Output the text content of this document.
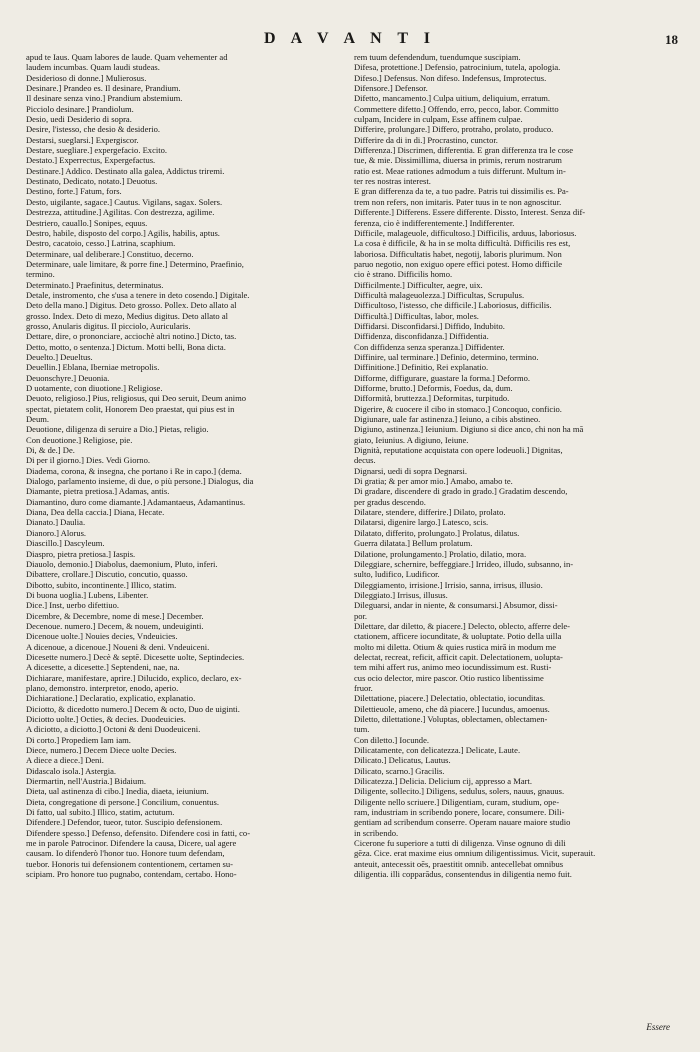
D A V A N T I	18
apud te Iaus. Quam labores de laude. Quam vehementer ad
laudem incumbas. Quam laudi studeas.
Desiderioso di donne.] Mulierosus.
Desinare.] Prandeo es. Il desinare, Prandium.
Il desinare senza vino.] Prandium abstemium.
Picciolo desinare.] Prandiolum.
Desio, uedi Desiderio di sopra.
Desire, l'istesso, che desio & desiderio.
Destarsi, sueglarsi.] Expergiscor.
Destare, suegliare.] expergefacio. Excito.
Destato.] Experrectus, Expergefactus.
Destinare.] Addico. Destinato alla galea, Addictus triremi.
Destinato, Dedicato, notato.] Deuotus.
Destino, forte.] Fatum, fors.
Desto, uigilante, sagace.] Cautus. Vigilans, sagax. Solers.
Destrezza, attitudine.] Agilitas. Con destrezza, agilime.
Destriero, cauallo.] Sonipes, equus.
Destro, habile, disposto del corpo.] Agilis, habilis, aptus.
Destro, cacatoio, cesso.] Latrina, scaphium.
Determinare, ual deliberare.] Constituo, decerno.
Determinare, uale limitare, & porre fine.] Determino, Praefinio,
termino.
Determinato.] Praefinitus, determinatus.
Detale, instromento, che s'usa a tenere in deto cosendo.] Digitale.
Deto della mano.] Digitus. Deto grosso. Pollex. Deto allato al
grosso. Index. Deto di mezo, Medius digitus. Deto allato al
grosso, Anularis digitus. Il picciolo, Auricularis.
Dettare, dire, o prononciare, acciochè altri notino.] Dicto, tas.
Detto, motto, o sentenza.] Dictum. Motti belli, Bona dicta.
Deuelto.] Deueltus.
Deuellin.] Eblana, Iberniae metropolis.
Deuonschyre.] Deuonia.
D uotamente, con diuotione.] Religiose.
Deuoto, religioso.] Pius, religiosus, qui Deo seruit, Deum animo
spectat, pietatem colit, Honorem Deo praestat, qui pius est in
Deum.
Deuotione, diligenza di seruire a Dio.] Pietas, religio.
Con deuotione.] Religiose, pie.
Di, & de.] De.
Di per il giorno.] Dies. Vedi Giorno.
Diadema, corona, & insegna, che portano i Re in capo.] (dema.
Dialogo, parlamento insieme, di due, o più persone.] Dialogus, dia
Diamante, pietra pretiosa.] Adamas, antis.
Diamantino, duro come diamante.] Adamantaeus, Adamantinus.
Diana, Dea della caccia.] Diana, Hecate.
Dianato.] Daulia.
Dianoro.] Alorus.
Diascillo.] Dascyleum.
Diaspro, pietra pretiosa.] Iaspis.
Diauolo, demonio.] Diabolus, daemonium, Pluto, inferi.
Dibattere, crollare.] Discutio, concutio, quasso.
Dibotto, subito, incontinente.] Illico, statim.
Di buona uoglia.] Lubens, Libenter.
Dice.] Inst, uerbo difettiuo.
Dicembre, & Decembre, nome di mese.] December.
Decenoue. numero.] Decem, & nouem, undeuiginti.
Dicenoue uolte.] Nouies decies, Vndeuicies.
A dicenoue, a dicenoue.] Noueni & deni. Vndeuiceni.
Dicesette numero.] Decè & septē. Dicesette uolte, Septindecies.
A dicesette, a dicesette.] Septendeni, nae, na.
Dichiarare, manifestare, aprire.] Dilucido, explico, declaro, ex-
plano, demonstro. interpretor, enodo, aperio.
Dichiaratione.] Declaratio, explicatio, explanatio.
Diciotto, & dicedotto numero.] Decem & octo, Duo de uiginti.
Diciotto uolte.] Octies, & decies. Duodeuicies.
A diciotto, a diciotto.] Octoni & deni Duodeuiceni.
Di corto.] Propediem Iam iam.
Diece, numero.] Decem Diece uolte Decies.
A diece a diece.] Deni.
Didascalo isola.] Astergia.
Diermartin, nell'Austria.] Bidaium.
Dieta, ual astinenza di cibo.] Inedia, diaeta, ieiunium.
Dieta, congregatione di persone.] Concilium, conuentus.
Di fatto, ual subito.] Illico, statim, actutum.
Difendere.] Defendor, tueor, tutor. Suscipio defensionem.
Difendere spesso.] Defenso, defensito. Difendere cosi in fatti, co-
me in parole Patrocinor. Difendere la causa, Dicere, ual agere
causam. Io difenderò l'honor tuo. Honore tuum defendam,
tuebor. Honoris tui defensionem contentionem, certamen su-
scipiam. Pro honore tuo pugnabo, contendam, certabo. Hono-
rem tuum defendendum, tuendumque suscipiam.
Difesa, protettione.] Defensio, patrocinium, tutela, apologia.
Difeso.] Defensus. Non difeso. Indefensus, Improtectus.
Difensore.] Defensor.
Difetto, mancamento.] Culpa uitium, deliquium, erratum.
Commettere difetto.] Offendo, erro, pecco, labor. Committo
culpam, Incidere in culpam, Esse affinem culpae.
Differire, prolungare.] Differo, protraho, prolato, produco.
Differire da di in di.] Procrastino, cunctor.
Differenza.] Discrimen, differentia. E gran differenza tra le cose
tue, & mie. Dissimillima, diuersa in primis, rerum nostrarum
ratio est. Meae rationes admodum a tuis differunt. Multum in-
ter res nostras interest.
E gran differenza da te, a tuo padre. Patris tui dissimilis es. Pa-
trem non refers, non imitaris. Pater tuus in te non agnoscitur.
Differente.] Differens. Essere differente. Dissto, Interest. Senza dif-
ferenza, cio è indifferentemente.] Indifferenter.
Difficile, malageuole, difficultoso.] Difficilis, arduus, laboriosus.
La cosa è difficile, & ha in se molta difficultà. Difficilis res est,
laboriosa. Difficultatis habet, negotij, laboris plurimum. Non
paruo negotio, non exiguo opere effici potest. Homo difficile
cio è strano. Difficilis homo.
Difficilmente.] Difficulter, aegre, uix.
Difficultà malageuolezza.] Difficultas, Scrupulus.
Difficultoso, l'istesso, che difficile.] Laboriosus, difficilis.
Difficultà.] Difficultas, labor, moles.
Diffidarsi. Disconfidarsi.] Diffido, Indubito.
Diffidenza, disconfidanza.] Diffidentia.
Con diffidenza senza speranza.] Diffidenter.
Diffinire, ual terminare.] Definio, determino, termino.
Diffinitione.] Definitio, Rei explanatio.
Difforme, diffigurare, guastare la forma.] Deformo.
Difforme, brutto.] Deformis, Foedus, da, dum.
Difformità, bruttezza.] Deformitas, turpitudo.
Digerire, & cuocere il cibo in stomaco.] Concoquo, conficio.
Digiunare, uale far astinenza.] Ieiuno, a cibis abstineo.
Digiuno, astinenza.] Ieiunium. Digiuno si dice anco, chi non ha mā
giato, Ieiunius. A digiuno, Ieiune.
Dignità, reputatione acquistata con opere lodeuoli.] Dignitas,
decus.
Dignarsi, uedi di sopra Degnarsi.
Di gratia; & per amor mio.] Amabo, amabo te.
Di gradare, discendere di grado in grado.] Gradatim descendo,
per gradus descendo.
Dilatare, stendere, differire.] Dilato, prolato.
Dilatarsi, digenire largo.] Latesco, scis.
Dilatato, differito, prolungato.] Prolatus, dilatus.
Guerra dilatata.] Bellum prolatum.
Dilatione, prolungamento.] Prolatio, dilatio, mora.
Dileggiare, schernire, beffeggiare.] Irrideo, illudo, subsanno, in-
sulto, ludifico, Ludificor.
Dileggiamento, irrisione.] Irrisio, sanna, irrisus, illusio.
Dileggiato.] Irrisus, illusus.
Dileguarsi, andar in niente, & consumarsi.] Absumor, dissi-
por.
Dilettare, dar diletto, & piacere.] Delecto, oblecto, afferre dele-
ctationem, afficere iocunditate, & uoluptate. Potio della uilla
molto mi diletta. Otium & quies rustica mirā in modum me
delectat, recreat, reficit, afficit capit. Delectationem, uolupta-
tem mihi affert rus, animo meo iocundissimum est. Rusti-
cus ocio delector, mire pascor. Otio rustico libentissime
fruor.
Dilettatione, piacere.] Delectatio, oblectatio, iocunditas.
Dilettieuole, ameno, che dà piacere.] Iucundus, amoenus.
Diletto, dilettatione.] Voluptas, oblectamen, oblectamen-
tum.
Con diletto.] Iocunde.
Dilicatamente, con delicatezza.] Delicate, Laute.
Dilicato.] Delicatus, Lautus.
Dilicato, scarno.] Gracilis.
Dilicatezza.] Delicia. Delicium cij, appresso a Mart.
Diligente, sollecito.] Diligens, sedulus, solers, nauus, gnauus.
Diligente nello scriuere.] Diligentiam, curam, studium, ope-
ram, industriam in scribendo ponere, locare, consumere. Dili-
gentiam ad scribendum conserre. Operam nauare maiore studio
in scribendo.
Cicerone fu superiore a tutti di diligenza. Vinse ognuno di dili
gēza. Cice. erat maxime eius omnium diligentissimus. Vicit, superauit.
anteuit, antecessit oēs, praestitit omnib. antecellebat omnibus
diligentia. illi copparādus, consentendus in diligentia nemo fuit.
Essere
